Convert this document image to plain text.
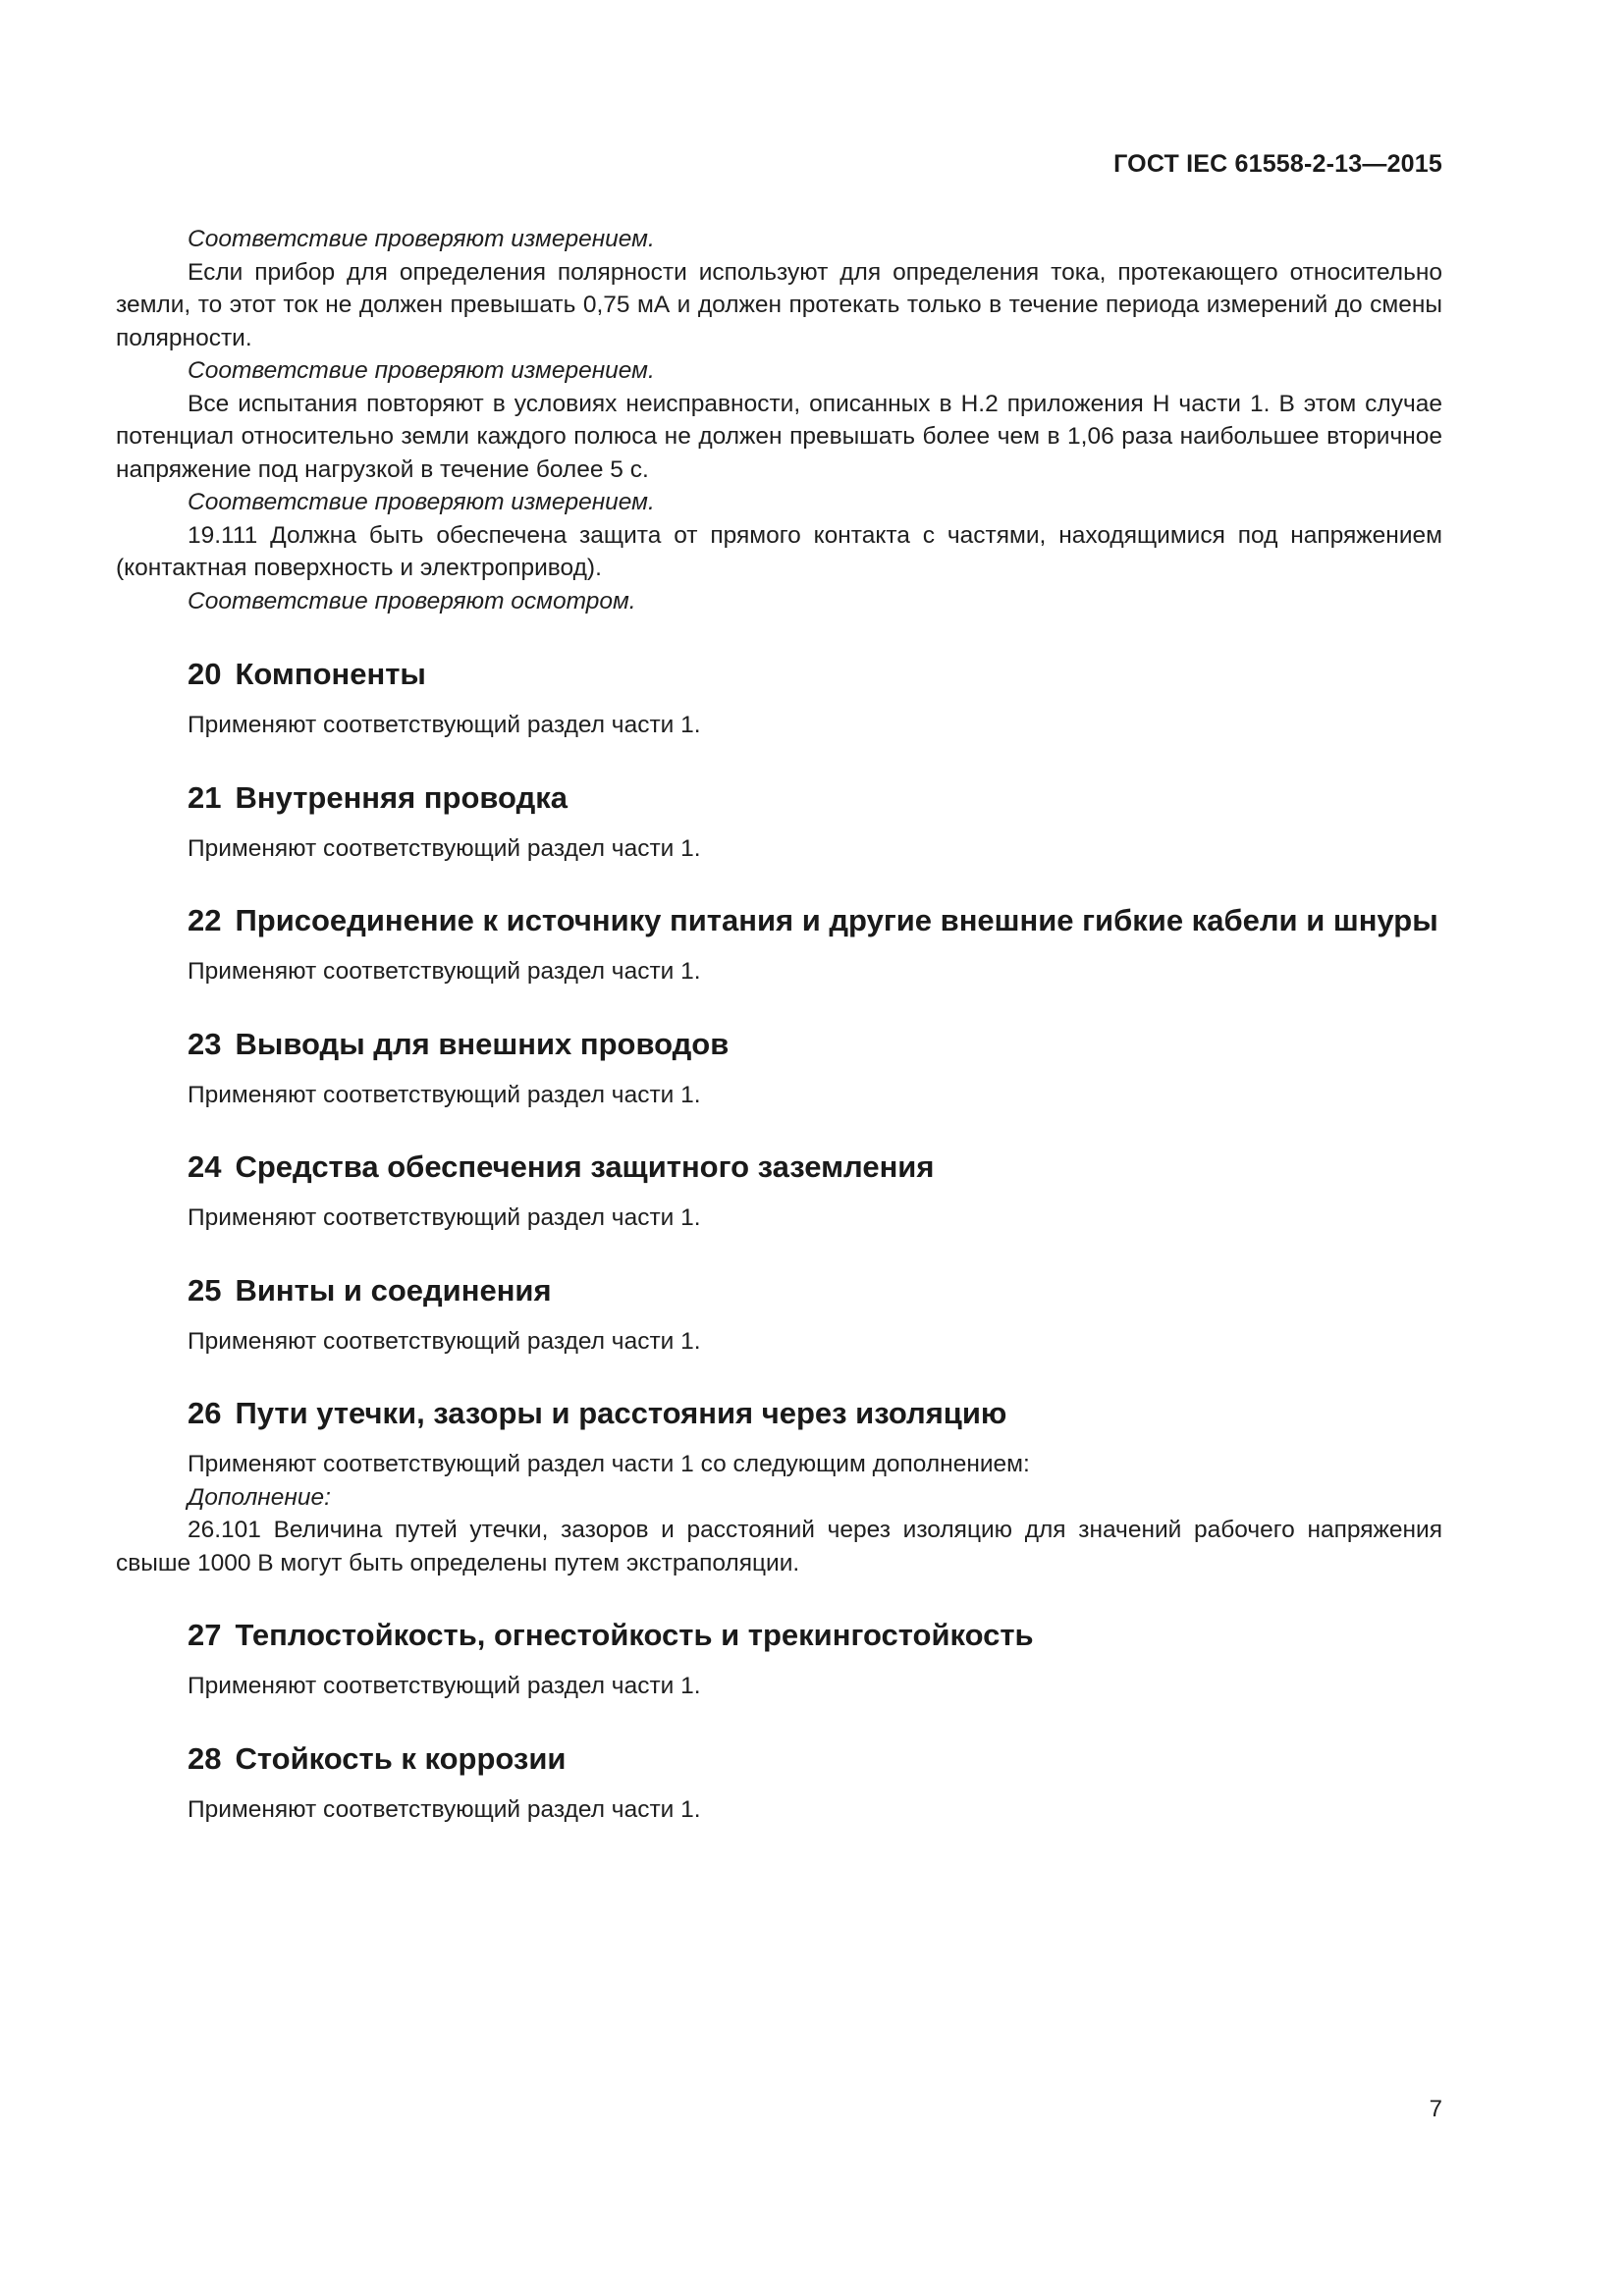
ГОСТ IEC 61558-2-13—2015

Соответствие проверяют измерением.

Если прибор для определения полярности используют для определения тока, протекающего относительно земли, то этот ток не должен превышать 0,75 мА и должен протекать только в течение периода измерений до смены полярности.

Соответствие проверяют измерением.

Все испытания повторяют в условиях неисправности, описанных в Н.2 приложения Н части 1. В этом случае потенциал относительно земли каждого полюса не должен превышать более чем в 1,06 раза наибольшее вторичное напряжение под нагрузкой в течение более 5 с.

Соответствие проверяют измерением.

19.111 Должна быть обеспечена защита от прямого контакта с частями, находящимися под напряжением (контактная поверхность и электропривод).

Соответствие проверяют осмотром.

20 Компоненты

Применяют соответствующий раздел части 1.

21 Внутренняя проводка

Применяют соответствующий раздел части 1.

22 Присоединение к источнику питания и другие внешние гибкие кабели и шнуры

Применяют соответствующий раздел части 1.

23 Выводы для внешних проводов

Применяют соответствующий раздел части 1.

24 Средства обеспечения защитного заземления

Применяют соответствующий раздел части 1.

25 Винты и соединения

Применяют соответствующий раздел части 1.

26 Пути утечки, зазоры и расстояния через изоляцию

Применяют соответствующий раздел части 1 со следующим дополнением:

Дополнение:

26.101 Величина путей утечки, зазоров и расстояний через изоляцию для значений рабочего напряжения свыше 1000 В могут быть определены путем экстраполяции.

27 Теплостойкость, огнестойкость и трекингостойкость

Применяют соответствующий раздел части 1.

28 Стойкость к коррозии

Применяют соответствующий раздел части 1.

7
